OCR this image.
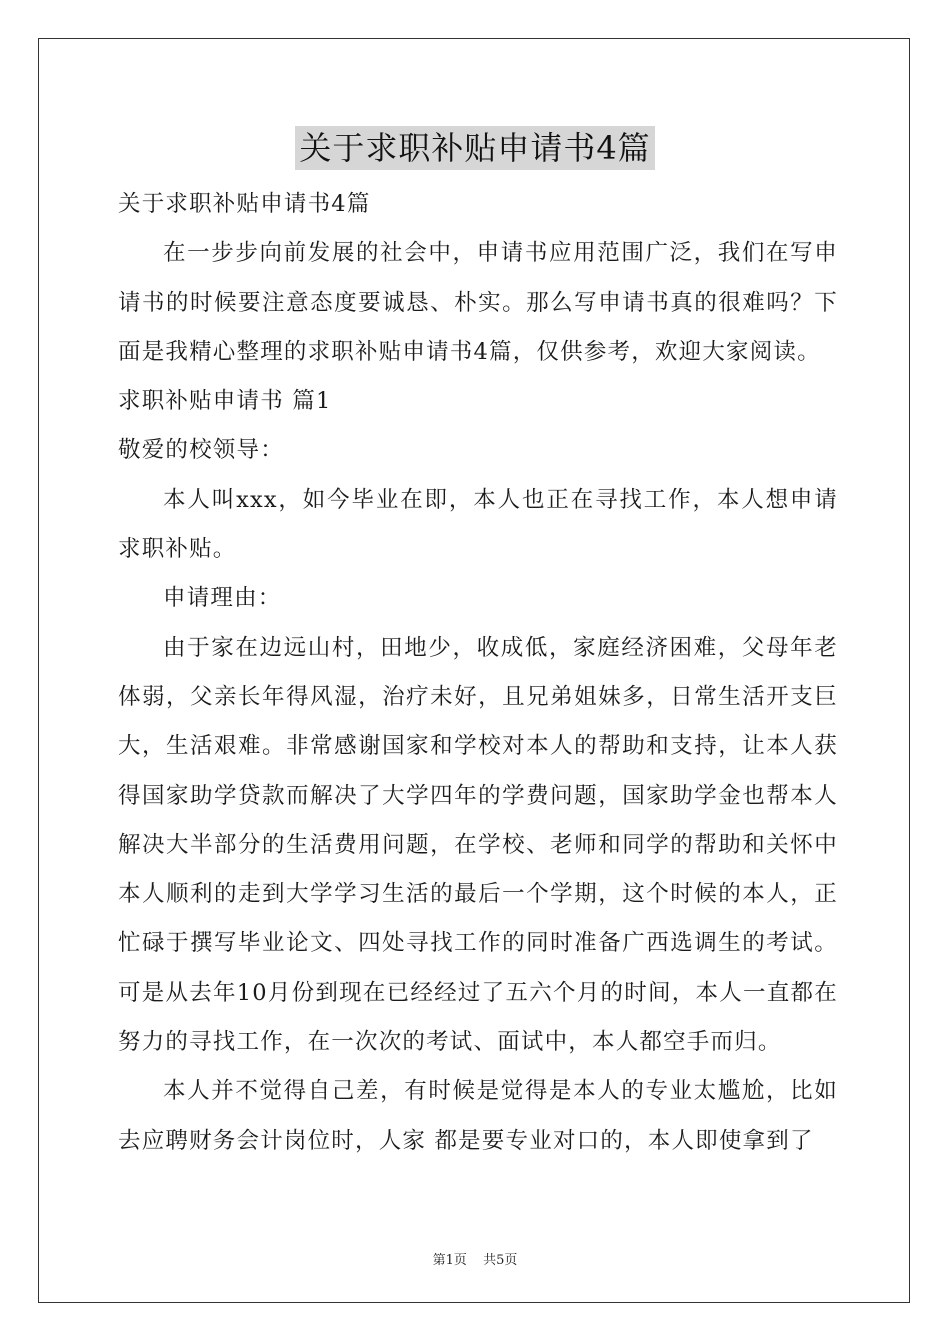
关于求职补贴申请书4篇

关于求职补贴申请书4篇

在一步步向前发展的社会中，申请书应用范围广泛，我们在写申请书的时候要注意态度要诚恳、朴实。那么写申请书真的很难吗？下面是我精心整理的求职补贴申请书4篇，仅供参考，欢迎大家阅读。

求职补贴申请书 篇1

敬爱的校领导：

本人叫xxx，如今毕业在即，本人也正在寻找工作，本人想申请求职补贴。

申请理由：

由于家在边远山村，田地少，收成低，家庭经济困难，父母年老体弱，父亲长年得风湿，治疗未好，且兄弟姐妹多，日常生活开支巨大，生活艰难。非常感谢国家和学校对本人的帮助和支持，让本人获得国家助学贷款而解决了大学四年的学费问题，国家助学金也帮本人解决大半部分的生活费用问题，在学校、老师和同学的帮助和关怀中本人顺利的走到大学学习生活的最后一个学期，这个时候的本人，正忙碌于撰写毕业论文、四处寻找工作的同时准备广西选调生的考试。可是从去年10月份到现在已经经过了五六个月的时间，本人一直都在努力的寻找工作，在一次次的考试、面试中，本人都空手而归。

本人并不觉得自己差，有时候是觉得是本人的专业太尴尬，比如去应聘财务会计岗位时，人家 都是要专业对口的，本人即使拿到了

第1页 共5页
